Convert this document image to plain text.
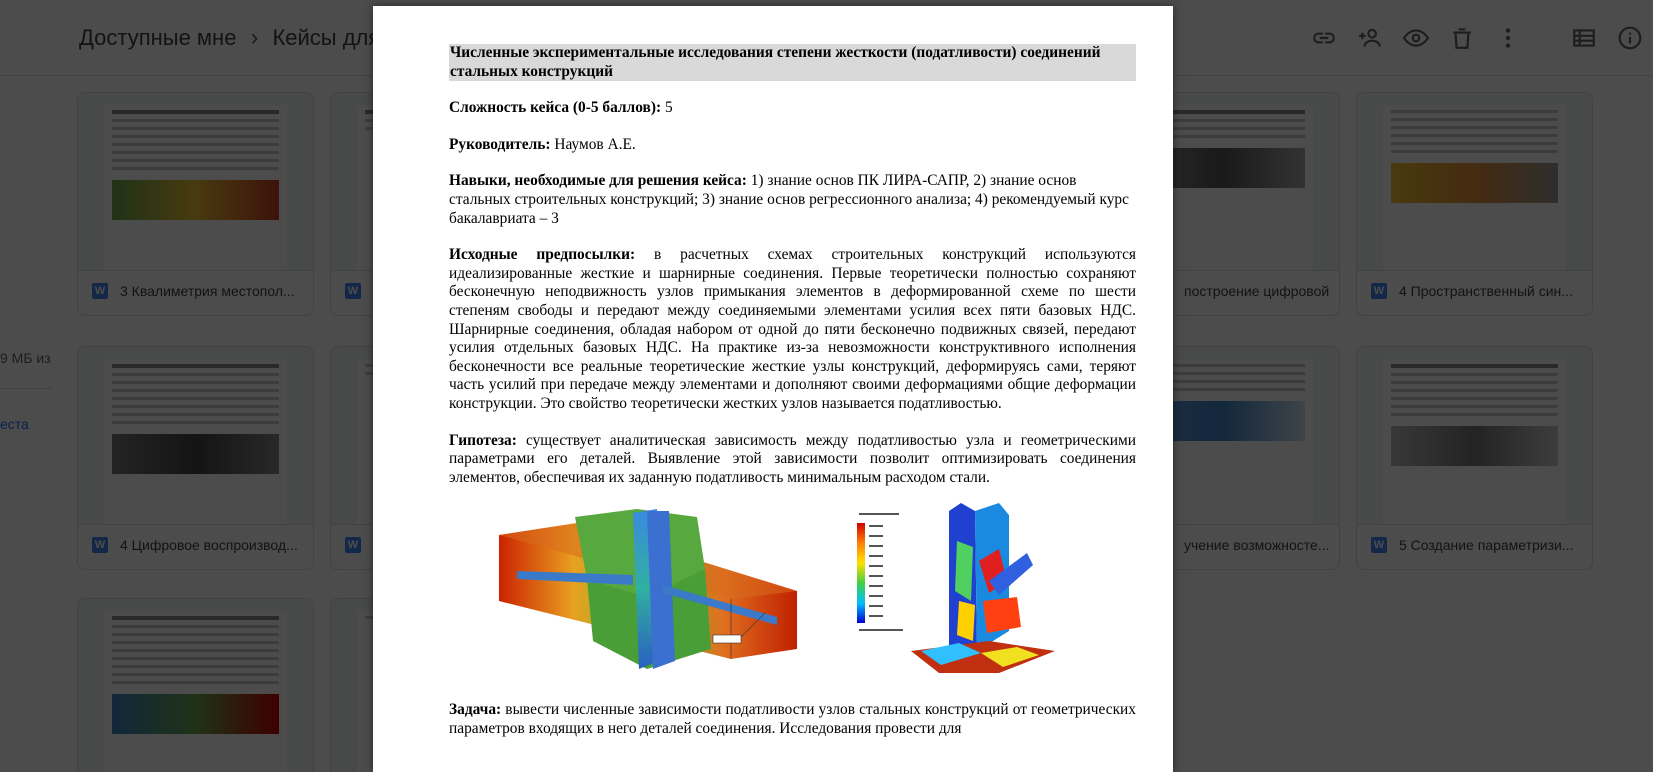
Численные экспериментальные исследования степени жесткости (податливости) соединений стальных конструкций
Сложность кейса (0-5 баллов): 5
Руководитель: Наумов А.Е.
Навыки, необходимые для решения кейса: 1) знание основ ПК ЛИРА-САПР, 2) знание основ стальных строительных конструкций; 3) знание основ регрессионного анализа; 4) рекомендуемый курс бакалавриата – 3
Исходные предпосылки: в расчетных схемах строительных конструкций используются идеализированные жесткие и шарнирные соединения. Первые теоретически полностью сохраняют бесконечную неподвижность узлов примыкания элементов в деформированной схеме по шести степеням свободы и передают между соединяемыми элементами усилия всех пяти базовых НДС. Шарнирные соединения, обладая набором от одной до пяти бесконечно подвижных связей, передают усилия отдельных базовых НДС. На практике из-за невозможности конструктивного исполнения бесконечности все реальные теоретические жесткие узлы конструкций, деформируясь сами, теряют часть усилий при передаче между элементами и дополняют своими деформациями общие деформации конструкции. Это свойство теоретически жестких узлов называется податливостью.
Гипотеза: существует аналитическая зависимость между податливостью узла и геометрическими параметрами его деталей. Выявление этой зависимости позволит оптимизировать соединения элементов, обеспечивая их заданную податливость минимальным расходом стали.
Задача: вывести численные зависимости податливости узлов стальных конструкций от геометрических параметров входящих в него деталей соединения. Исследования провести для
